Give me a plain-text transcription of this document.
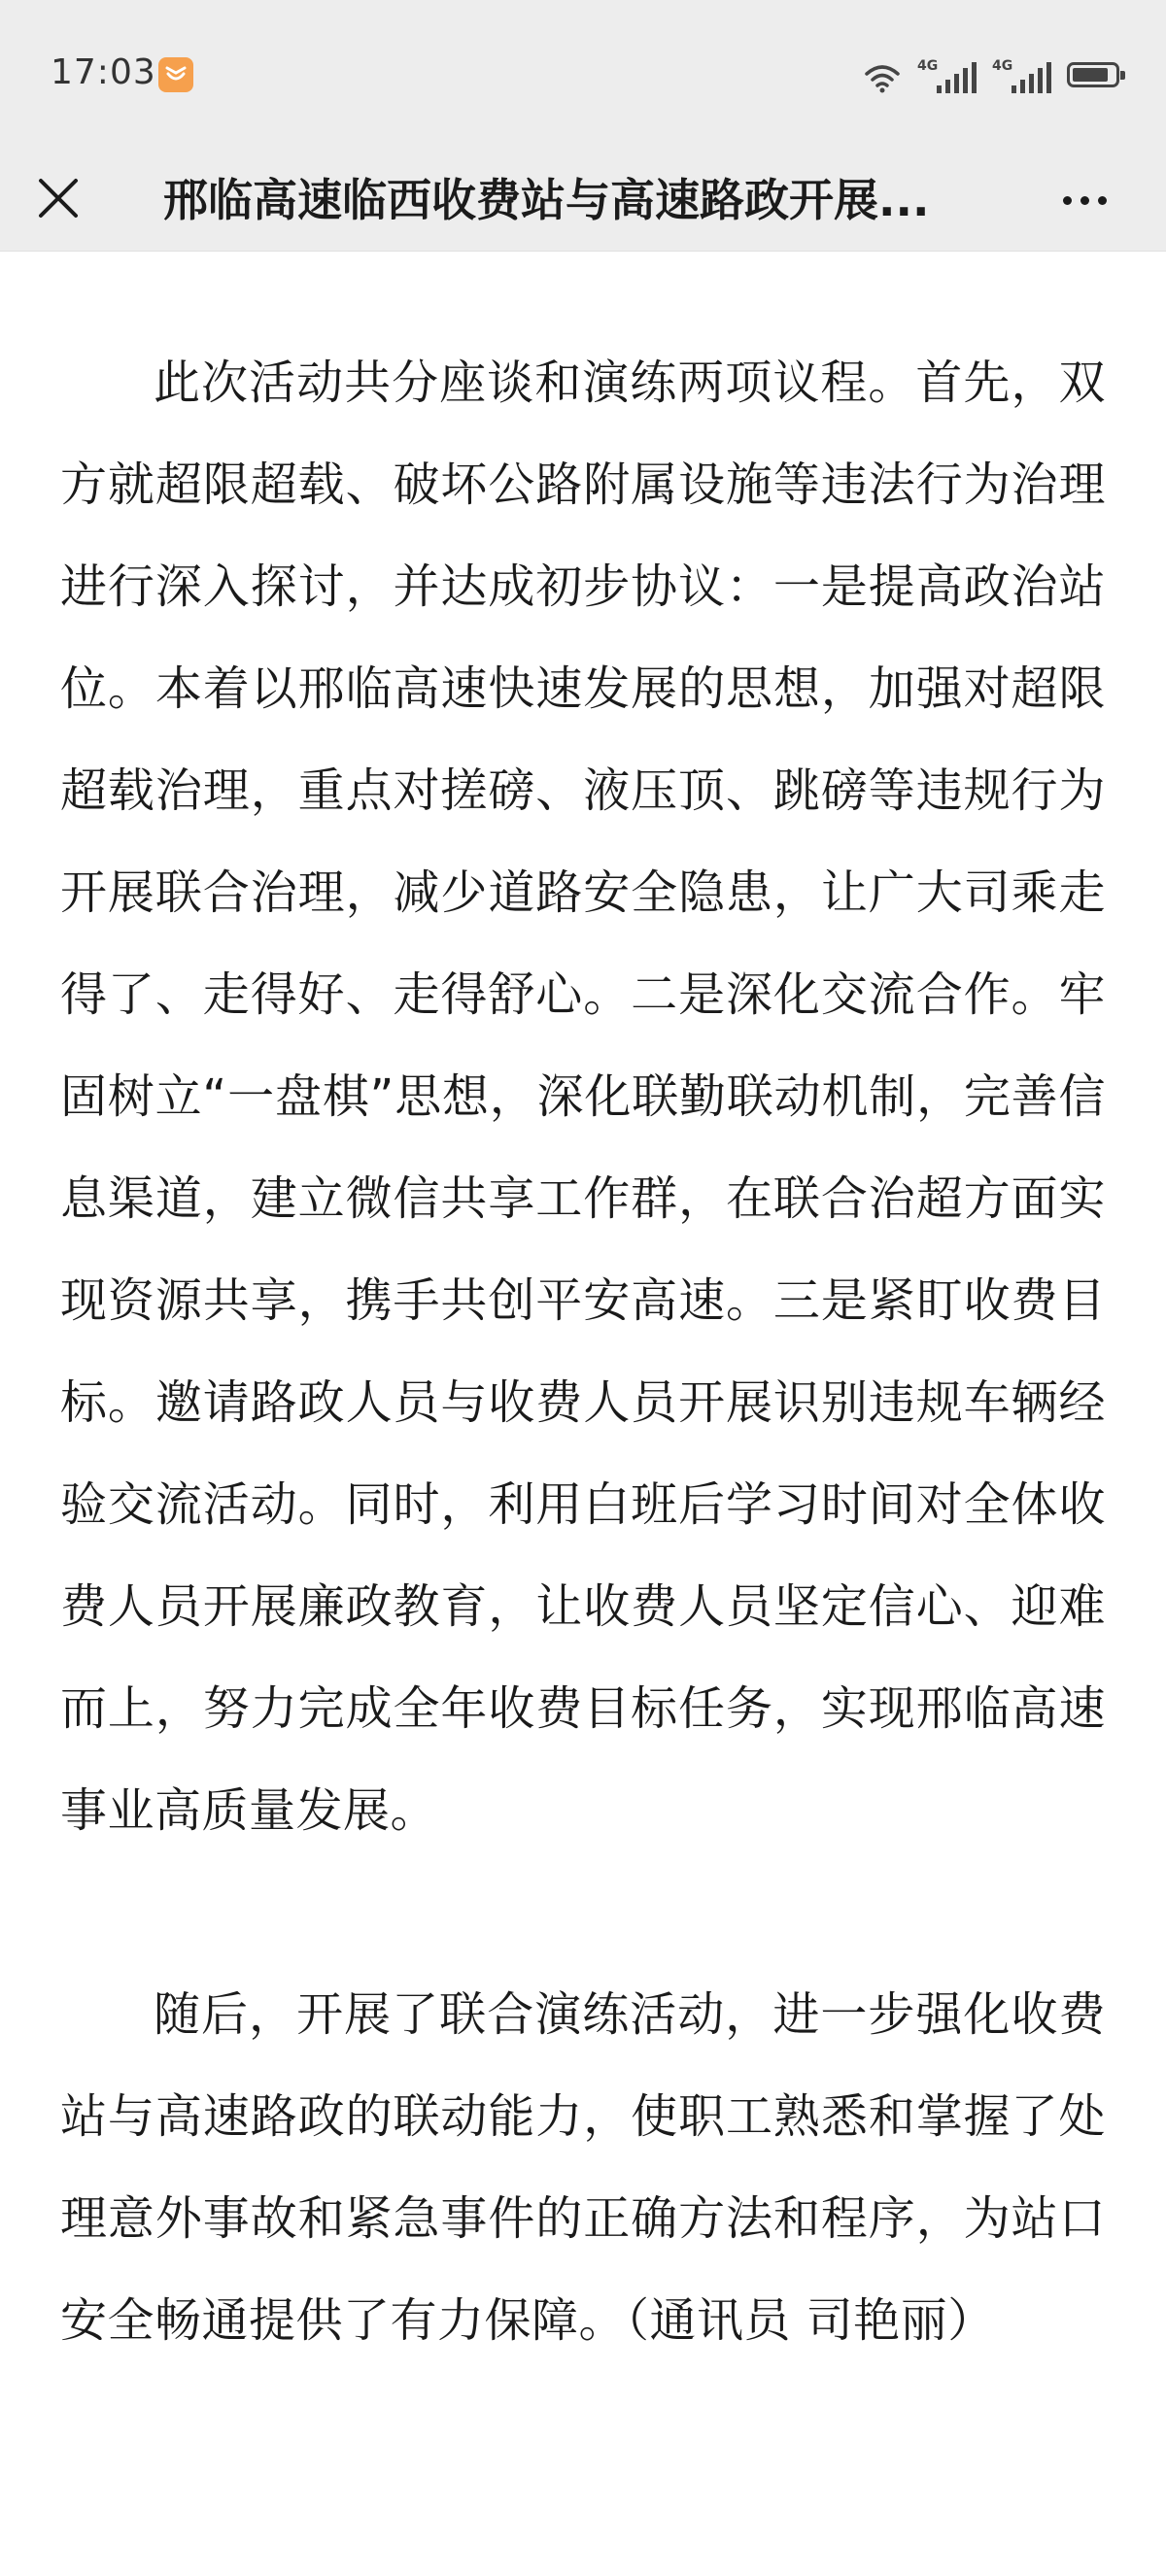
17:03	4G	4G
邢临高速临西收费站与高速路政开展...

此次活动共分座谈和演练两项议程。首先，双方就超限超载、破坏公路附属设施等违法行为治理进行深入探讨，并达成初步协议：一是提高政治站位。本着以邢临高速快速发展的思想，加强对超限超载治理，重点对搓磅、液压顶、跳磅等违规行为开展联合治理，减少道路安全隐患，让广大司乘走得了、走得好、走得舒心。二是深化交流合作。牢固树立“一盘棋”思想，深化联勤联动机制，完善信息渠道，建立微信共享工作群，在联合治超方面实现资源共享，携手共创平安高速。三是紧盯收费目标。邀请路政人员与收费人员开展识别违规车辆经验交流活动。同时，利用白班后学习时间对全体收费人员开展廉政教育，让收费人员坚定信心、迎难而上，努力完成全年收费目标任务，实现邢临高速事业高质量发展。

随后，开展了联合演练活动，进一步强化收费站与高速路政的联动能力，使职工熟悉和掌握了处理意外事故和紧急事件的正确方法和程序，为站口安全畅通提供了有力保障。（通讯员 司艳丽）
